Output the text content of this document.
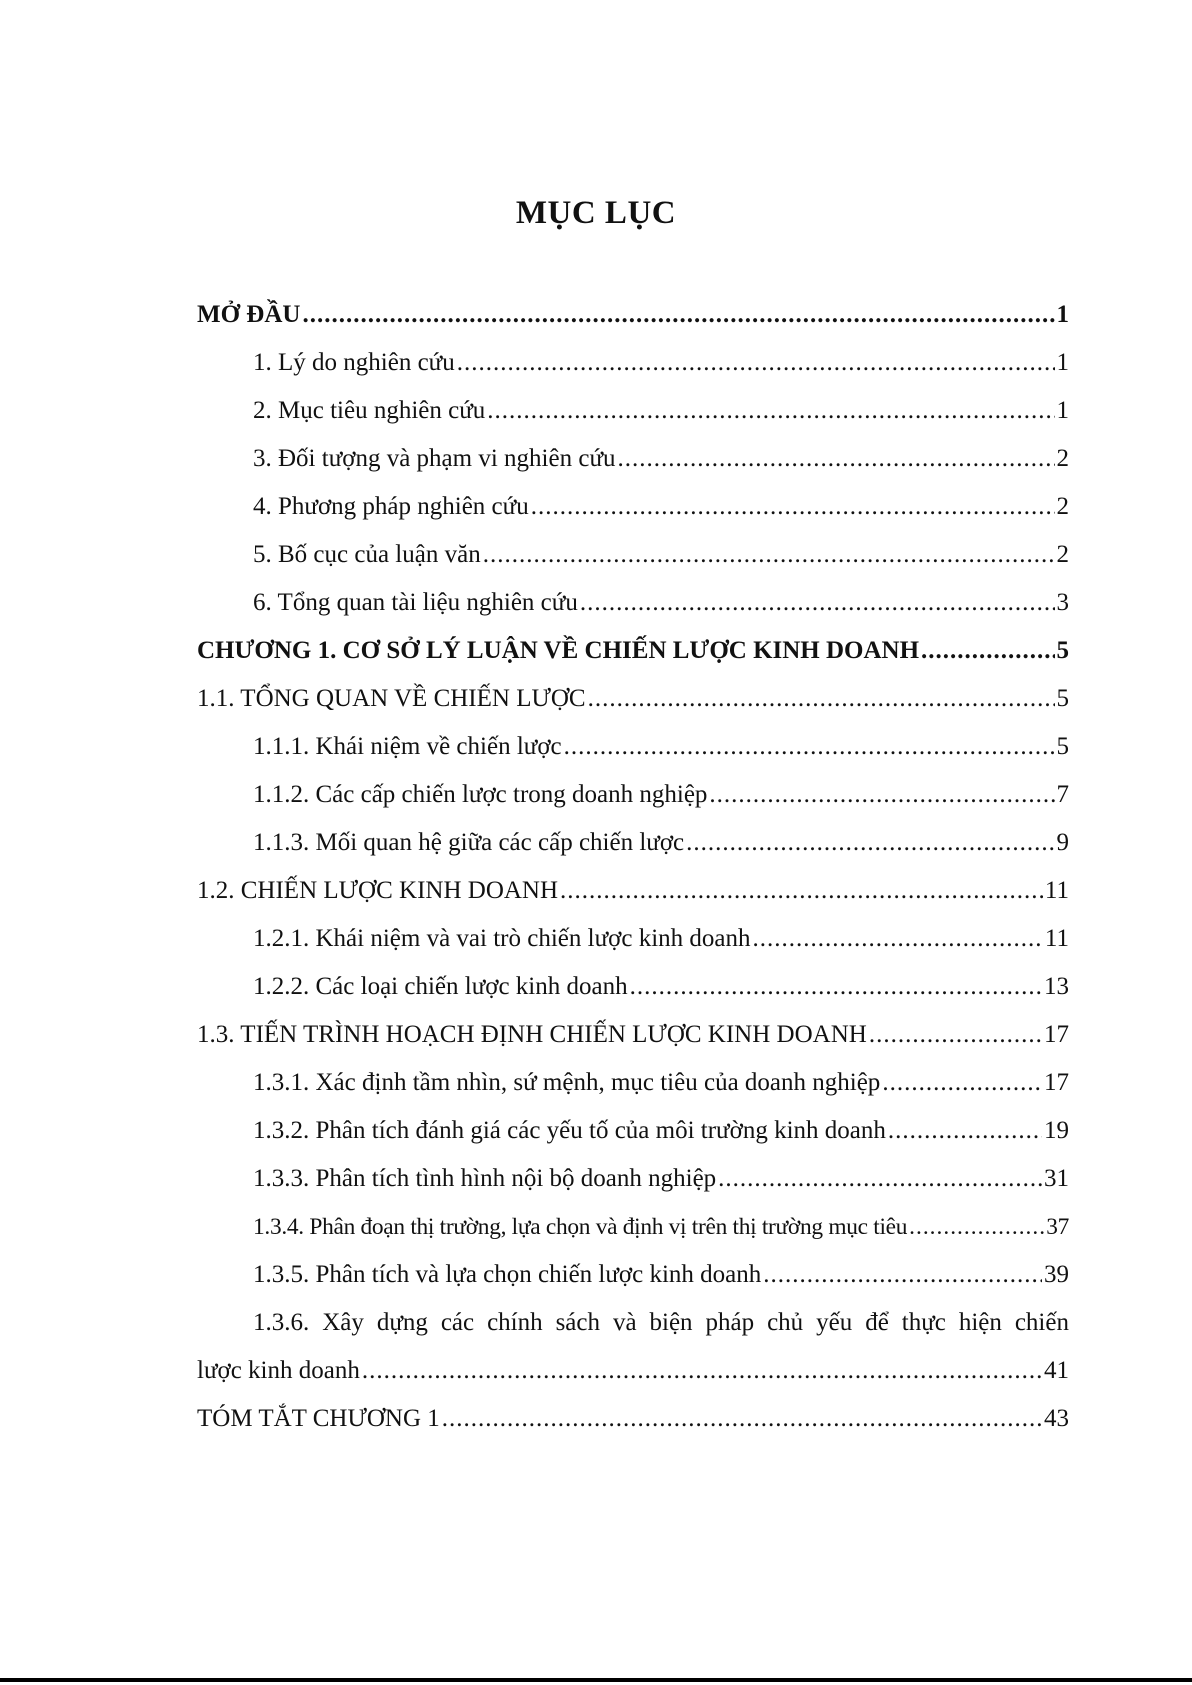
MỤC LỤC
MỞ ĐẦU .....	1
1. Lý do nghiên cứu .....	1
2. Mục tiêu nghiên cứu .....	1
3. Đối tượng và phạm vi nghiên cứu .....	2
4. Phương pháp nghiên cứu .....	2
5. Bố cục của luận văn .....	2
6. Tổng quan tài liệu nghiên cứu .....	3
CHƯƠNG 1. CƠ SỞ LÝ LUẬN VỀ CHIẾN LƯỢC KINH DOANH .....	5
1.1. TỔNG QUAN VỀ CHIẾN LƯỢC .....	5
1.1.1. Khái niệm về chiến lược .....	5
1.1.2. Các cấp chiến lược trong doanh nghiệp .....	7
1.1.3. Mối quan hệ giữa các cấp chiến lược .....	9
1.2. CHIẾN LƯỢC KINH DOANH .....	11
1.2.1. Khái niệm và vai trò chiến lược kinh doanh .....	11
1.2.2. Các loại chiến lược kinh doanh .....	13
1.3. TIẾN TRÌNH HOẠCH ĐỊNH CHIẾN LƯỢC KINH DOANH .....	17
1.3.1. Xác định tầm nhìn, sứ mệnh, mục tiêu của doanh nghiệp .....	17
1.3.2. Phân tích đánh giá các yếu tố của môi trường kinh doanh .....	19
1.3.3. Phân tích tình hình nội bộ doanh nghiệp .....	31
1.3.4. Phân đoạn thị trường, lựa chọn và định vị trên thị trường mục tiêu .....	37
1.3.5. Phân tích và lựa chọn chiến lược kinh doanh .....	39
1.3.6. Xây dựng các chính sách và biện pháp chủ yếu để thực hiện chiến
lược kinh doanh .....	41
TÓM TẮT CHƯƠNG 1 .....	43
